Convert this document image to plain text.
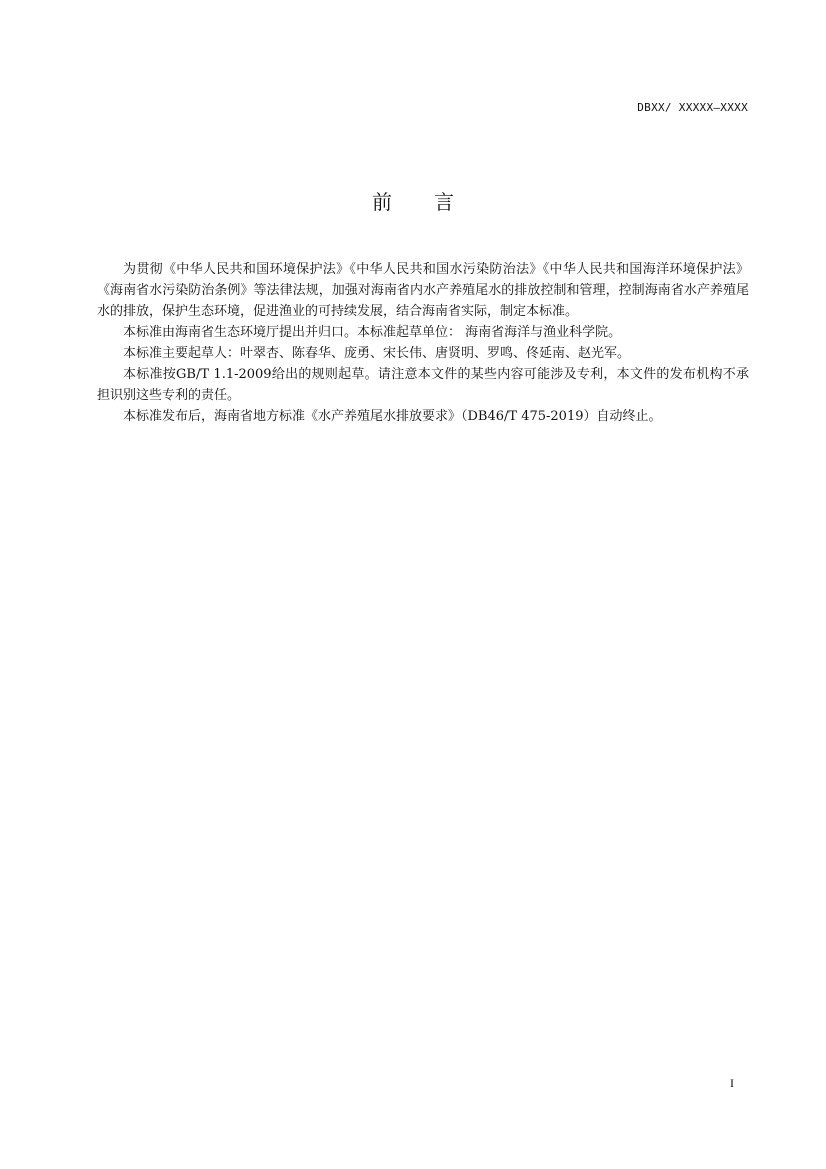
DBXX/ XXXXX—XXXX
前言

为贯彻《中华人民共和国环境保护法》《中华人民共和国水污染防治法》《中华人民共和国海洋环境保护法》《海南省水污染防治条例》等法律法规，加强对海南省内水产养殖尾水的排放控制和管理，控制海南省水产养殖尾水的排放，保护生态环境，促进渔业的可持续发展，结合海南省实际，制定本标准。

本标准由海南省生态环境厅提出并归口。本标准起草单位： 海南省海洋与渔业科学院。

本标准主要起草人：叶翠杏、陈春华、庞勇、宋长伟、唐贤明、罗鸣、佟延南、赵光军。

本标准按GB/T 1.1-2009给出的规则起草。请注意本文件的某些内容可能涉及专利，本文件的发布机构不承担识别这些专利的责任。

本标准发布后，海南省地方标准《水产养殖尾水排放要求》（DB46/T 475-2019）自动终止。

I
